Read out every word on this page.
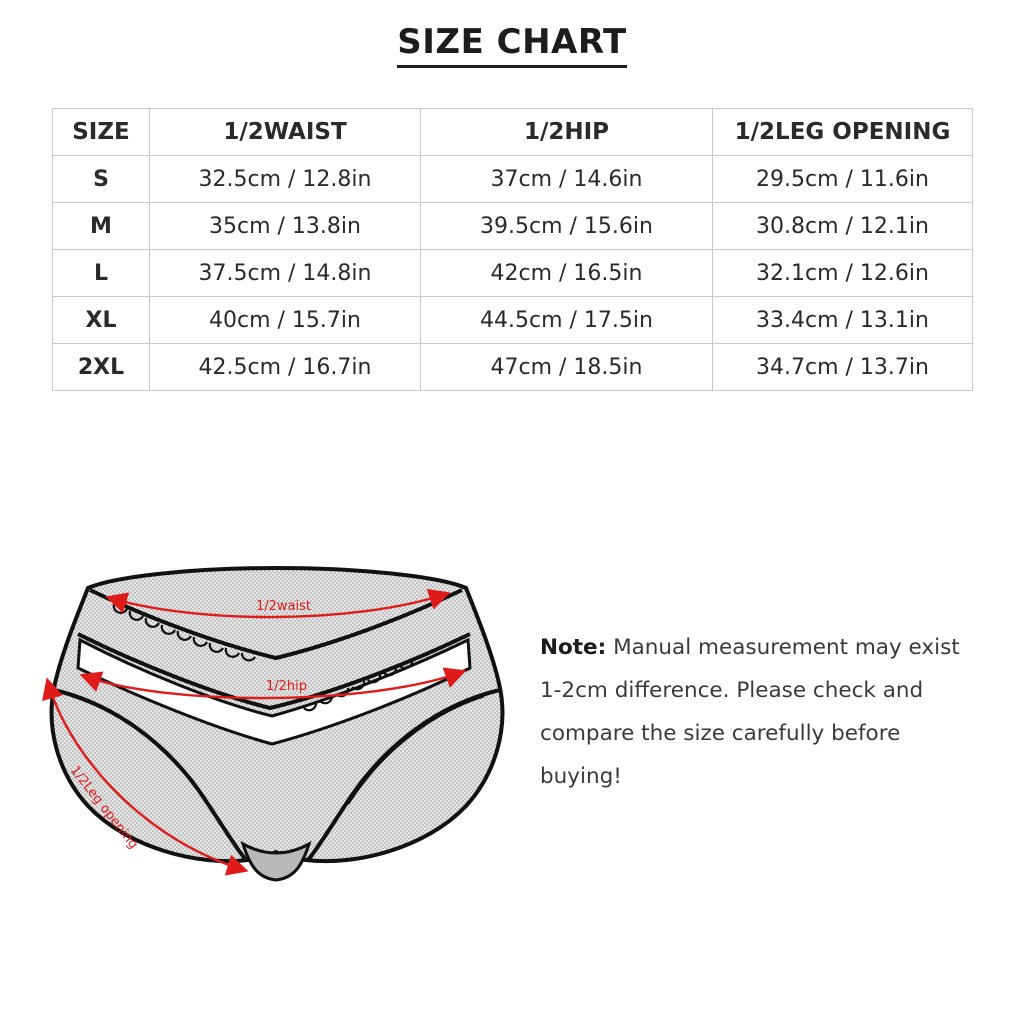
SIZE CHART
SIZE	1/2WAIST	1/2HIP	1/2LEG OPENING
S	32.5cm / 12.8in	37cm / 14.6in	29.5cm / 11.6in
M	35cm / 13.8in	39.5cm / 15.6in	30.8cm / 12.1in
L	37.5cm / 14.8in	42cm / 16.5in	32.1cm / 12.6in
XL	40cm / 15.7in	44.5cm / 17.5in	33.4cm / 13.1in
2XL	42.5cm / 16.7in	47cm / 18.5in	34.7cm / 13.7in
1/2waist
1/2hip
1/2Leg opening
Note: Manual measurement may exist 1-2cm difference. Please check and compare the size carefully before buying!
